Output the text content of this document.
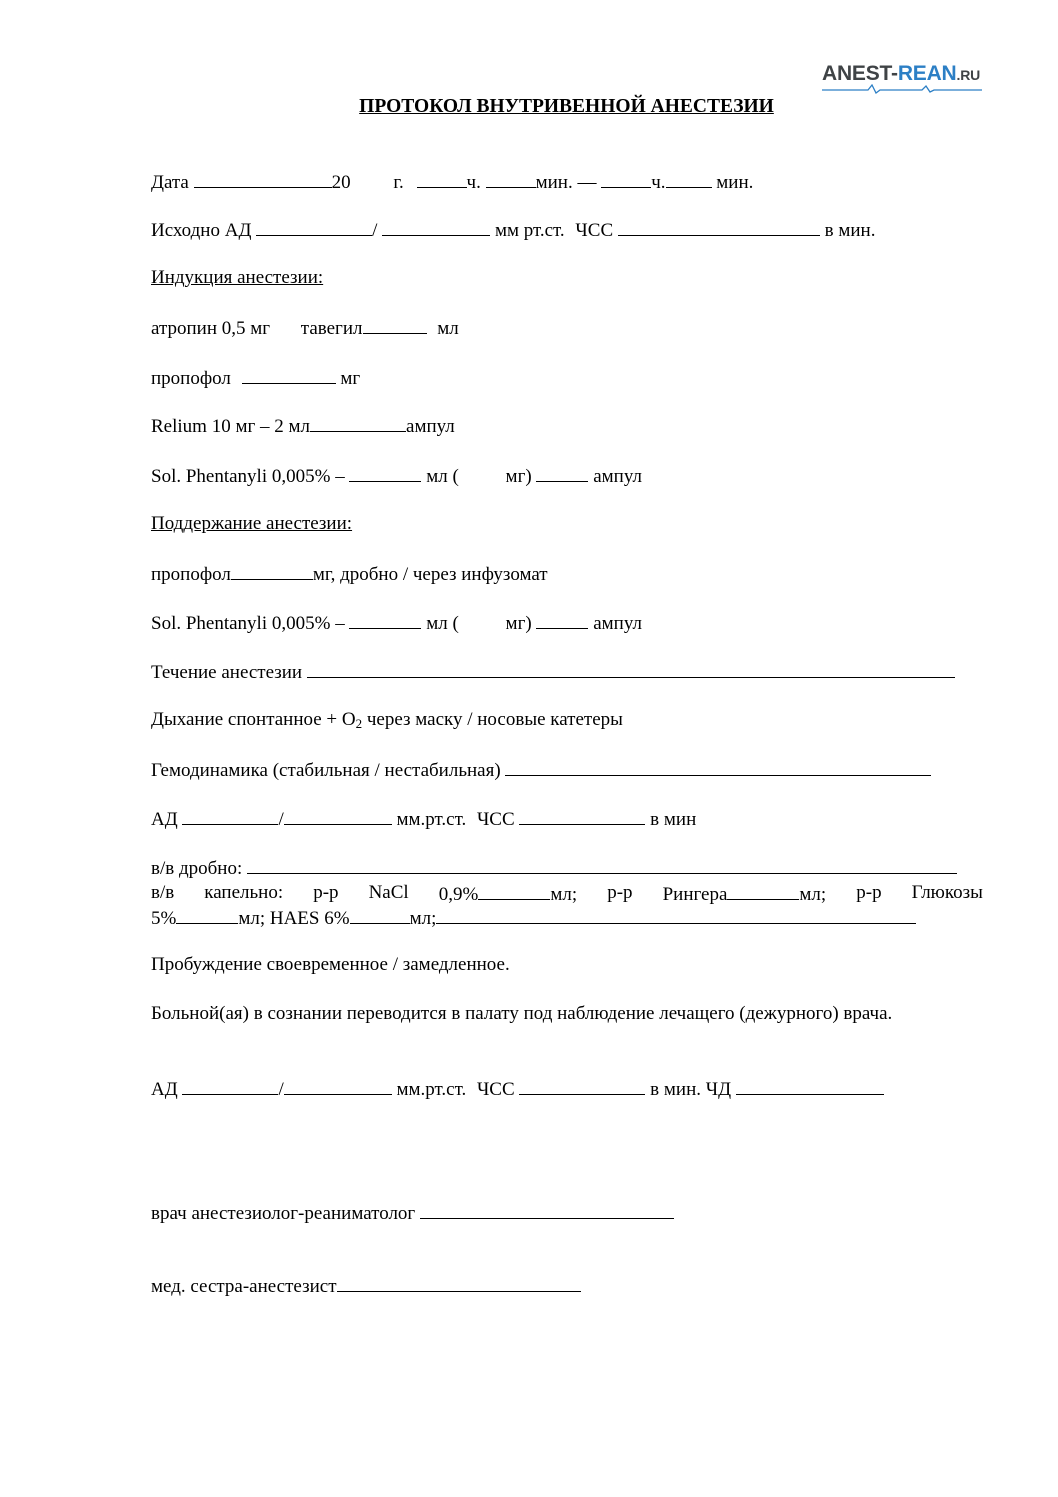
ANEST-REAN.RU
ПРОТОКОЛ ВНУТРИВЕННОЙ АНЕСТЕЗИИ
Дата	20 г.	ч.	мин. —	ч.	мин.
Исходно АД	/	мм рт.ст. ЧСС	в мин.
Индукция анестезии:
атропин 0,5 мг тавегил	мл
пропофол	мг
Relium 10 мг – 2 мл	ампул
Sol. Phentanyli 0,005% –	мл ( мг)	ампул
Поддержание анестезии:
пропофол	мг, дробно / через инфузомат
Sol. Phentanyli 0,005% –	мл ( мг)	ампул
Течение анестезии
Дыхание спонтанное + $O_2$ через маску / носовые катетеры
Гемодинамика (стабильная / нестабильная)
АД	/	мм.рт.ст. ЧСС	в мин
в/в дробно:
в/в капельно: р-р NaCl 0,9%	мл; р-р Рингера	мл; р-р Глюкозы
5%	мл; HAES 6%	мл;
Пробуждение своевременное / замедленное.
Больной(ая) в сознании переводится в палату под наблюдение лечащего (дежурного) врача.
АД	/	мм.рт.ст. ЧСС	в мин. ЧД
врач анестезиолог-реаниматолог
мед. сестра-анестезист
